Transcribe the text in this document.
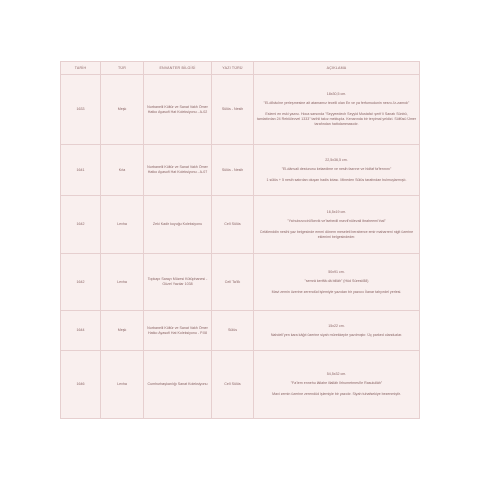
TARİH	TÜR	ENVANTER BİLGİSİ	YAZI TÜRÜ	AÇIKLAMA
1633	Meşk	Nurbanelli Kültür ve Sanat Vakfı Ömer Hatko Ayasofi Hat Koleksiyonu - A-02	Sülüs - Nesih	18x30,5 cm.

"El-dîbâcîne yerleşmesine ait atamamız tecelli olan En ve ya ferfumudunin nesnı-i'z-zamıdı"

Eslemi en eski yazısı. Hoca sarsında "Seyyeedech Seyyid Mustafa'ı şerif li Sanatı Sünbü, tamlattırılan 24 Rebiülevvel 1333" tarihli takız mektupla. Kenarında bir teryimal yeldizi. Sülfüsü Ümer tarafından hattıdammasıdır.

1641	Kıta	Nurbanelli Kültür ve Sanat Vakfı Ömer Hatko Ayasofi Hat Koleksiyonu - A-07	Sülüs - Nesih	22,5x36,5 cm.

"El-dânvali desturunu kelaedime ve nesih fazrıne ve hidfaf fa'ferınını"

1 sülüs + 5 nesih satırdan oluşan hadis kıtası. Mineden Sülüs tarafından bulmuşlarmışlı.

1642	Levha	Zeki Kadir koyuğu Koleksiyonu	Celî Sülüs	16,5x19 cm.

"Ya'nubuvvcirü'lkevik ve'lsebedil nsevil'nülevali ibraheemi'ıhal"

Celâlenddin nesihi yaz belgesinde emmi dönem meseleti beraberce emir maharreni niglt üzerine eklenimi belgesindeder.

1642	Levha	Topkapı Sarayı Müzesi Kütüphanesi - Güzel Yazılar 1038	Celî Ta'lîk	50x91 cm.

"semrâ keriftâ dâ billâh" (Hûd Sûresi/88)

Mavi zemin üzerine zerendûd işlemiyle yazıdan bir yazıcıc İlanar tahyırdel yerlesi.

1644	Meşk	Nurbanelli Kültür ve Sanat Vakfı Ömer Hatko Ayasofi Hat Koleksiyonu - P.08	Sülüs	15x22 cm.

Nahdelî'yen kara kâğıt üzerine siyah mürekkeple yazılmıştır. Üç parked olanduzlar.

1646	Levha	Cumhurbaşkanlığı Sanat Koleksiyonu	Celî Sülüs	54,5x32 cm.

"Fa'lem ennehu lâilahe illallâh lîrhumetmesi'le Rasulullâh"

Mavi zemin üzerine zerendûd işlemiyle bir yazıdır. Siyah tuhafsekiye bezenmiştir.
